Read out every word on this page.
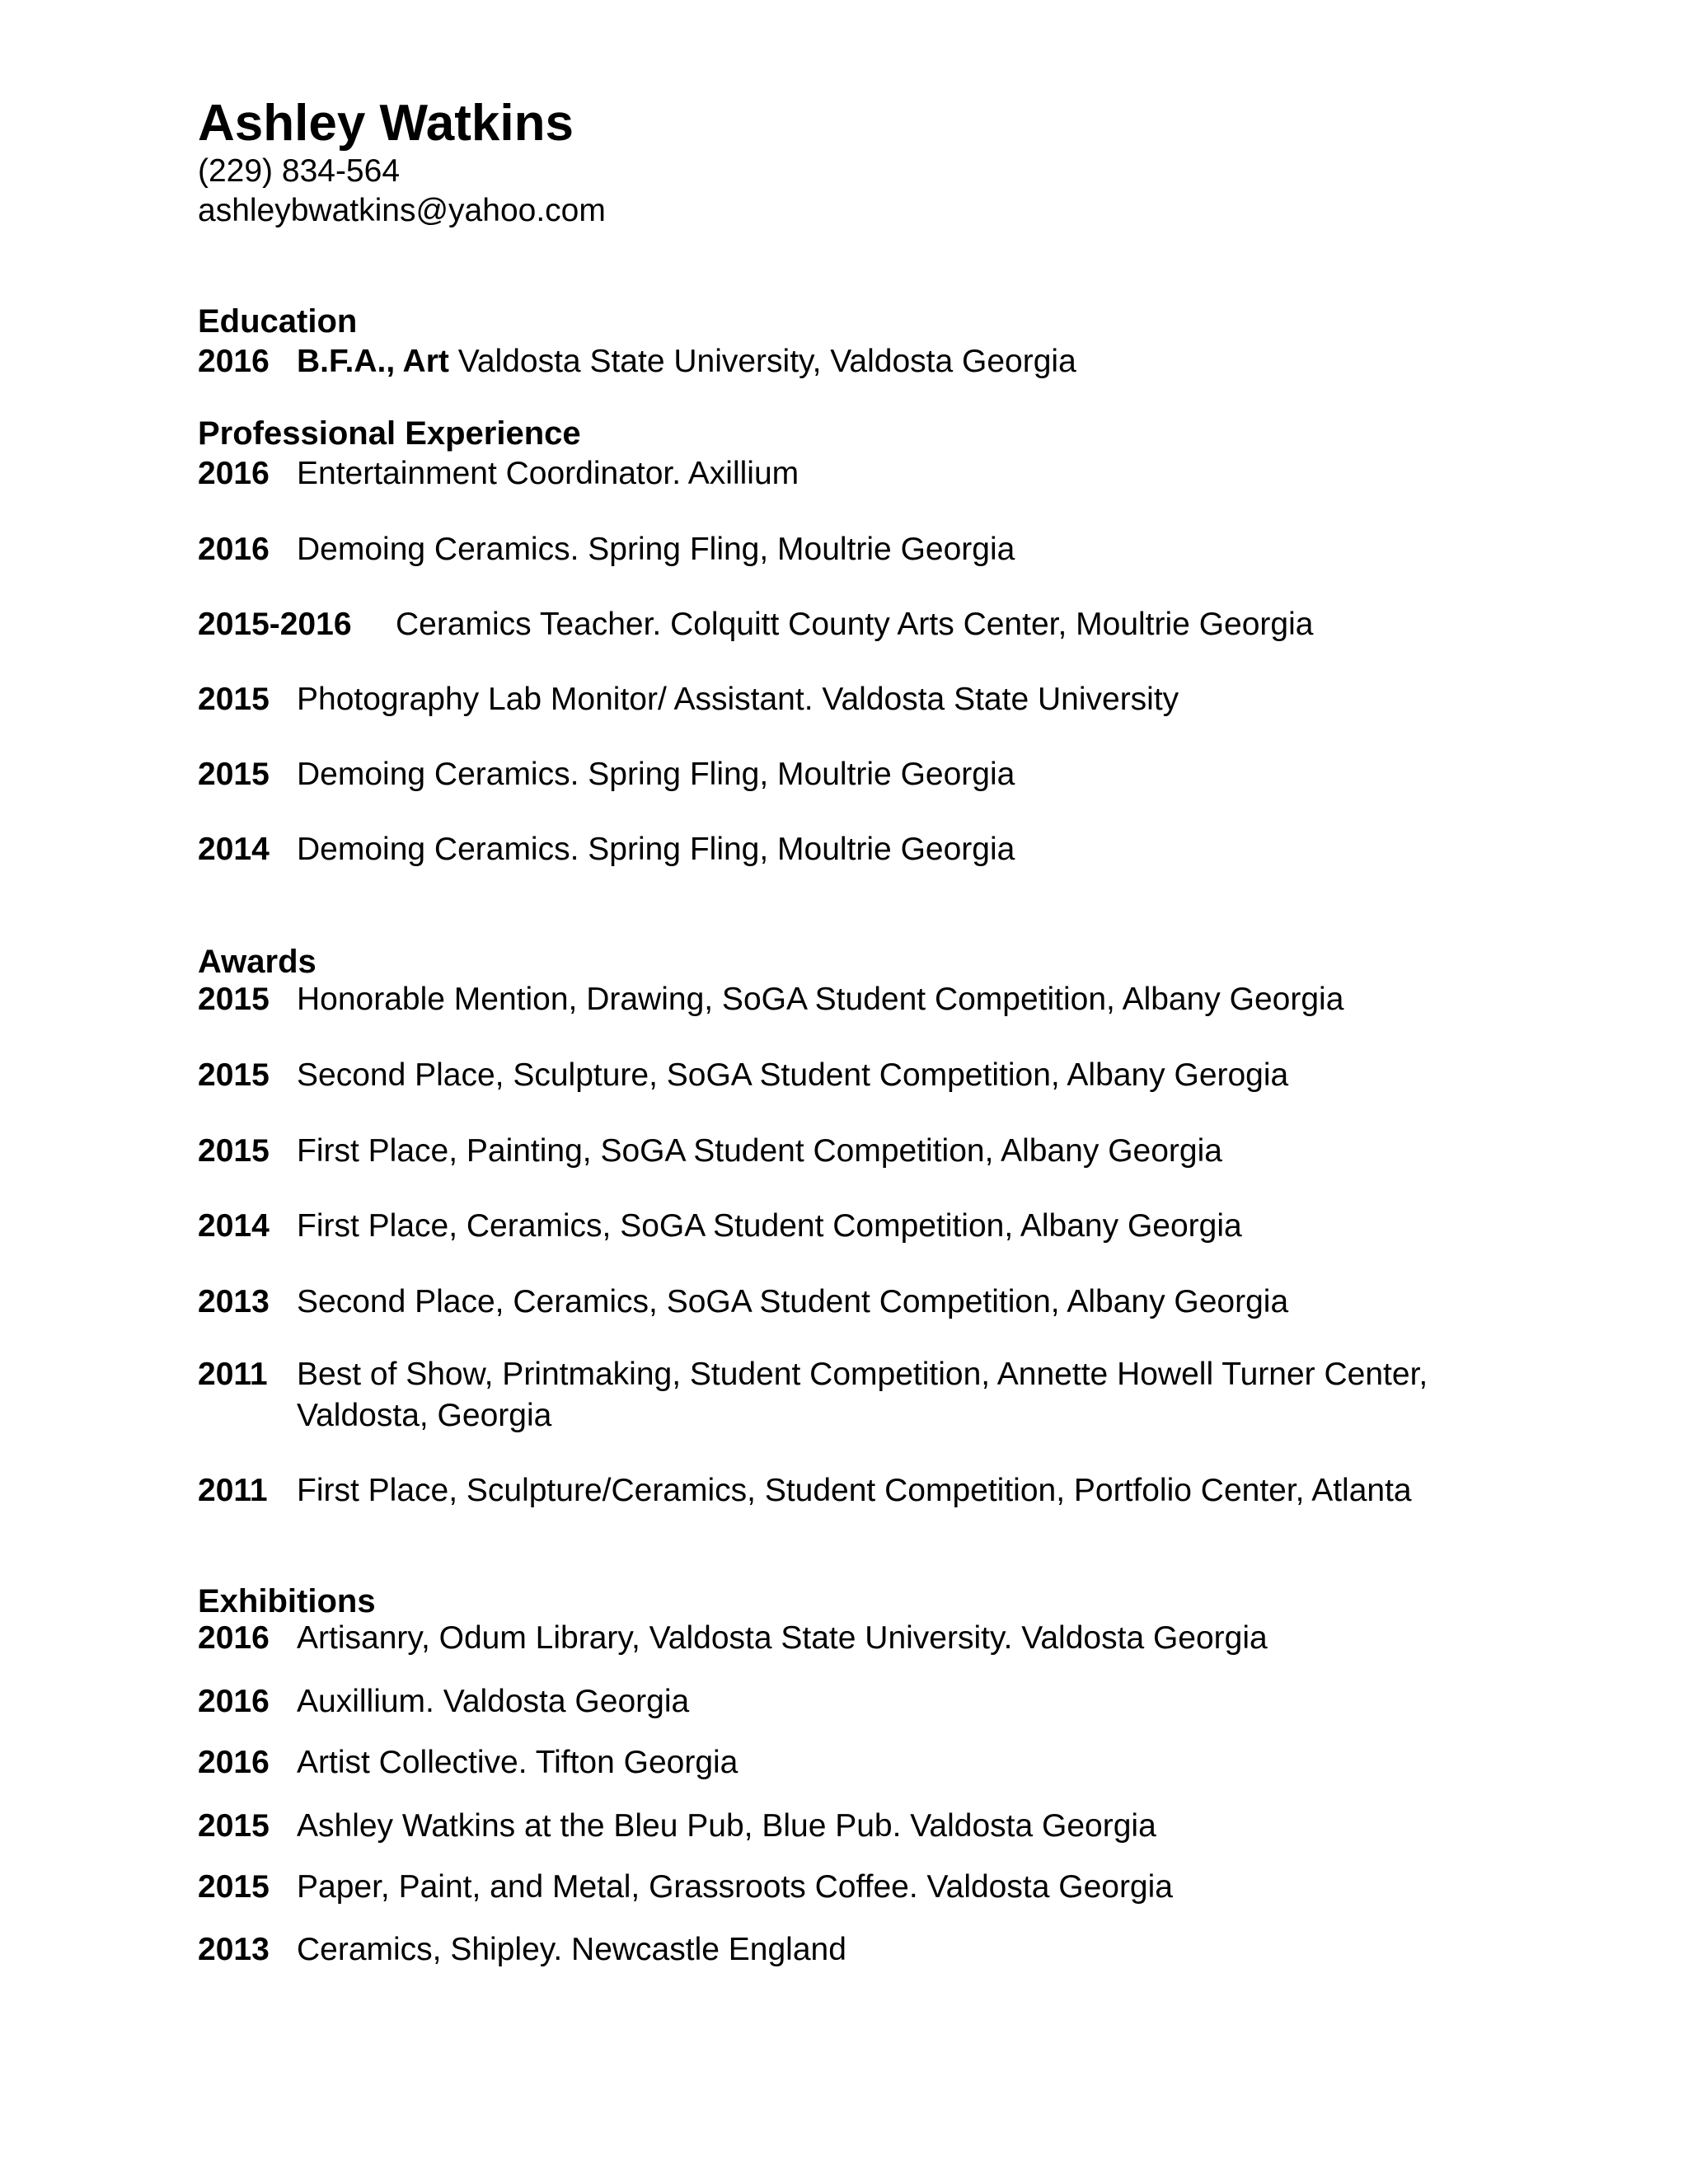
Ashley Watkins
(229) 834-564
ashleybwatkins@yahoo.com
Education
2016 B.F.A., Art Valdosta State University, Valdosta Georgia
Professional Experience
2016 Entertainment Coordinator. Axillium
2016 Demoing Ceramics. Spring Fling, Moultrie Georgia
2015-2016 Ceramics Teacher. Colquitt County Arts Center, Moultrie Georgia
2015 Photography Lab Monitor/ Assistant. Valdosta State University
2015 Demoing Ceramics. Spring Fling, Moultrie Georgia
2014 Demoing Ceramics. Spring Fling, Moultrie Georgia
Awards
2015 Honorable Mention, Drawing, SoGA Student Competition, Albany Georgia
2015 Second Place, Sculpture, SoGA Student Competition, Albany Gerogia
2015 First Place, Painting, SoGA Student Competition, Albany Georgia
2014 First Place, Ceramics, SoGA Student Competition, Albany Georgia
2013 Second Place, Ceramics, SoGA Student Competition, Albany Georgia
2011 Best of Show, Printmaking, Student Competition, Annette Howell Turner Center,
Valdosta, Georgia
2011 First Place, Sculpture/Ceramics, Student Competition, Portfolio Center, Atlanta
Exhibitions
2016 Artisanry, Odum Library, Valdosta State University. Valdosta Georgia
2016 Auxillium. Valdosta Georgia
2016 Artist Collective. Tifton Georgia
2015 Ashley Watkins at the Bleu Pub, Blue Pub. Valdosta Georgia
2015 Paper, Paint, and Metal, Grassroots Coffee. Valdosta Georgia
2013 Ceramics, Shipley. Newcastle England
